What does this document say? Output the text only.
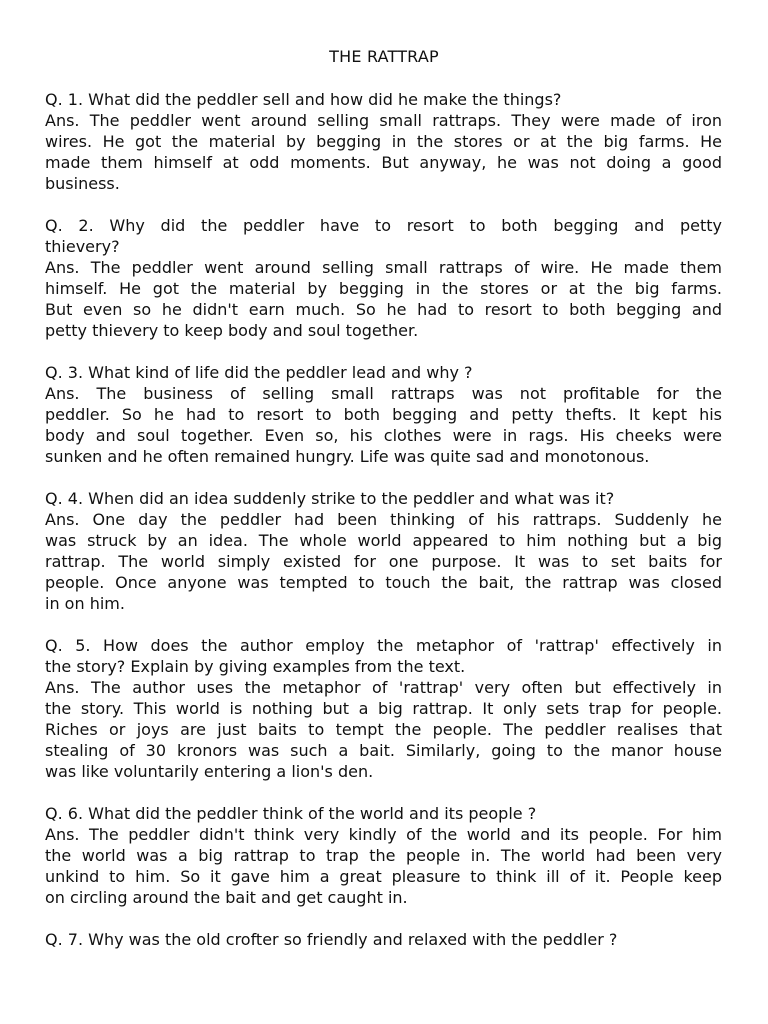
THE RATTRAP
Q. 1. What did the peddler sell and how did he make the things?
Ans. The peddler went around selling small rattraps. They were made of iron
wires. He got the material by begging in the stores or at the big farms. He
made them himself at odd moments. But anyway, he was not doing a good
business.
Q. 2. Why did the peddler have to resort to both begging and petty
thievery?
Ans. The peddler went around selling small rattraps of wire. He made them
himself. He got the material by begging in the stores or at the big farms.
But even so he didn't earn much. So he had to resort to both begging and
petty thievery to keep body and soul together.
Q. 3. What kind of life did the peddler lead and why ?
Ans. The business of selling small rattraps was not profitable for the
peddler. So he had to resort to both begging and petty thefts. It kept his
body and soul together. Even so, his clothes were in rags. His cheeks were
sunken and he often remained hungry. Life was quite sad and monotonous.
Q. 4. When did an idea suddenly strike to the peddler and what was it?
Ans. One day the peddler had been thinking of his rattraps. Suddenly he
was struck by an idea. The whole world appeared to him nothing but a big
rattrap. The world simply existed for one purpose. It was to set baits for
people. Once anyone was tempted to touch the bait, the rattrap was closed
in on him.
Q. 5. How does the author employ the metaphor of 'rattrap' effectively in
the story? Explain by giving examples from the text.
Ans. The author uses the metaphor of 'rattrap' very often but effectively in
the story. This world is nothing but a big rattrap. It only sets trap for people.
Riches or joys are just baits to tempt the people. The peddler realises that
stealing of 30 kronors was such a bait. Similarly, going to the manor house
was like voluntarily entering a lion's den.
Q. 6. What did the peddler think of the world and its people ?
Ans. The peddler didn't think very kindly of the world and its people. For him
the world was a big rattrap to trap the people in. The world had been very
unkind to him. So it gave him a great pleasure to think ill of it. People keep
on circling around the bait and get caught in.
Q. 7. Why was the old crofter so friendly and relaxed with the peddler ?
